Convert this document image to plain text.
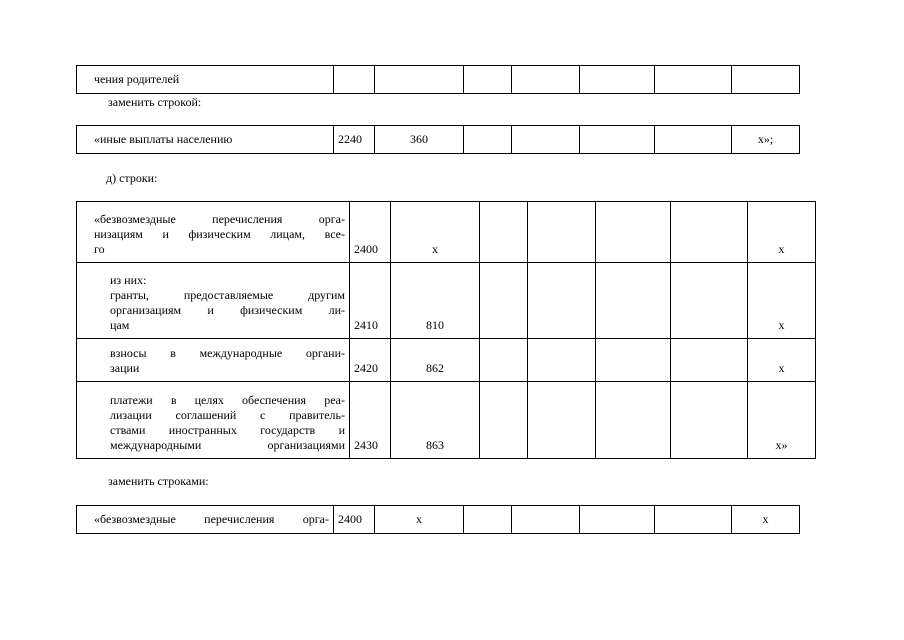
чения родителей							
заменить строкой:
«иные выплаты населению	2240	360					х»;
д) строки:
«безвозмездные перечисления орга-
низациям и физическим лицам, все-
го	2400	х					х

из них:
гранты, предоставляемые другим
организациям и физическим ли-
цам	2410	810					х

взносы в международные органи-
зации	2420	862					х

платежи в целях обеспечения реа-
лизации соглашений с правитель-
ствами иностранных государств и
международными организациями	2430	863					х»
заменить строками:
«безвозмездные перечисления орга-	2400	х					х
